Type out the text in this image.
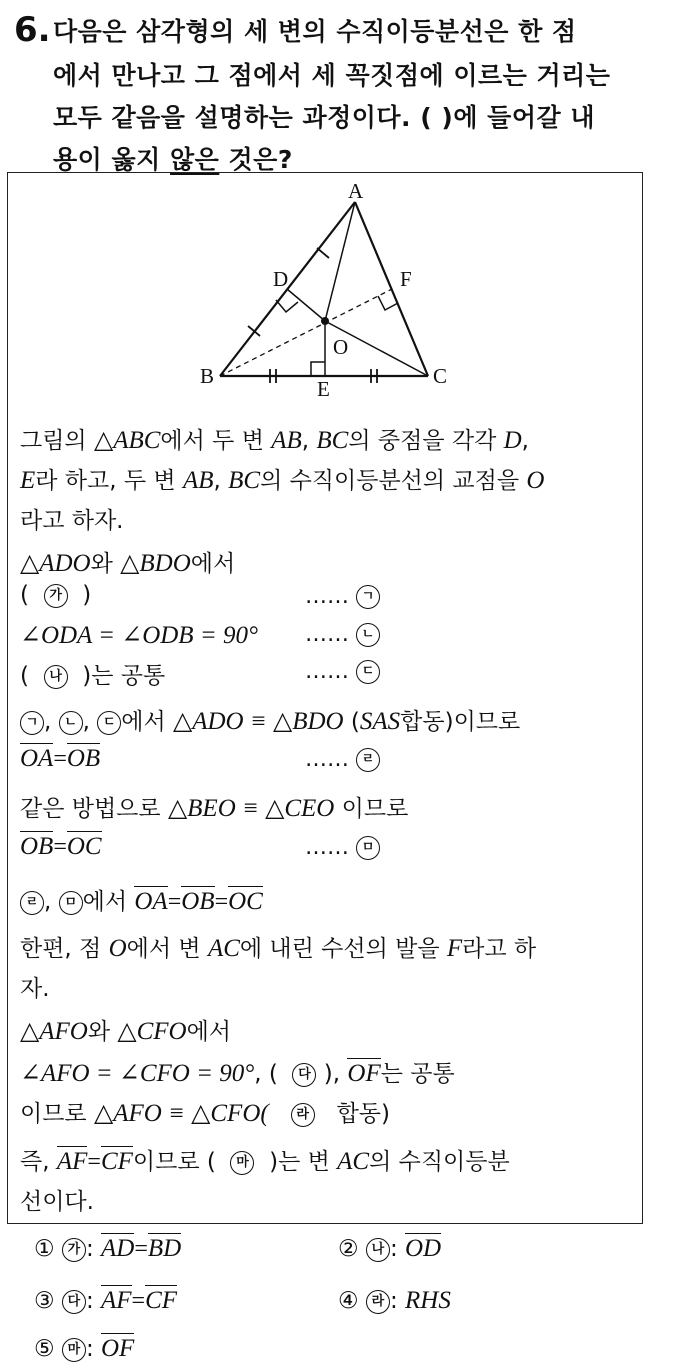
6. 다음은 삼각형의 세 변의 수직이등분선은 한 점
에서 만나고 그 점에서 세 꼭짓점에 이르는 거리는
모두 같음을 설명하는 과정이다. ( )에 들어갈 내
용이 옳지 않은 것은?
A
B	C
D
E
F
O
그림의 △ABC에서 두 변 AB, BC의 중점을 각각 D,
E라 하고, 두 변 AB, BC의 수직이등분선의 교점을 O
라고 하자.
△ADO와 △BDO에서
( 가 )	…… ㄱ
∠ODA = ∠ODB = 90° …… ㄴ
( 나 )는 공통	…… ㄷ
ㄱ , ㄴ , ㄷ 에서 △ADO ≡ △BDO (SAS합동)이므로
OA=OB	…… ㄹ
같은 방법으로 △BEO ≡ △CEO 이므로
OB=OC	…… ㅁ
ㄹ , ㅁ 에서 OA=OB=OC
한편, 점 O에서 변 AC에 내린 수선의 발을 F라고 하
자.
△AFO와 △CFO에서
∠AFO = ∠CFO = 90°, ( 다 ), OF는 공통
이므로 △AFO ≡ △CFO( 라   합동)
즉, AF=CF이므로 ( 마 )는 변 AC의 수직이등분
선이다.
① 가 : AD=BD	② 나 : OD
③ 다 : AF=CF	④ 라 : RHS
⑤ 마 : OF
